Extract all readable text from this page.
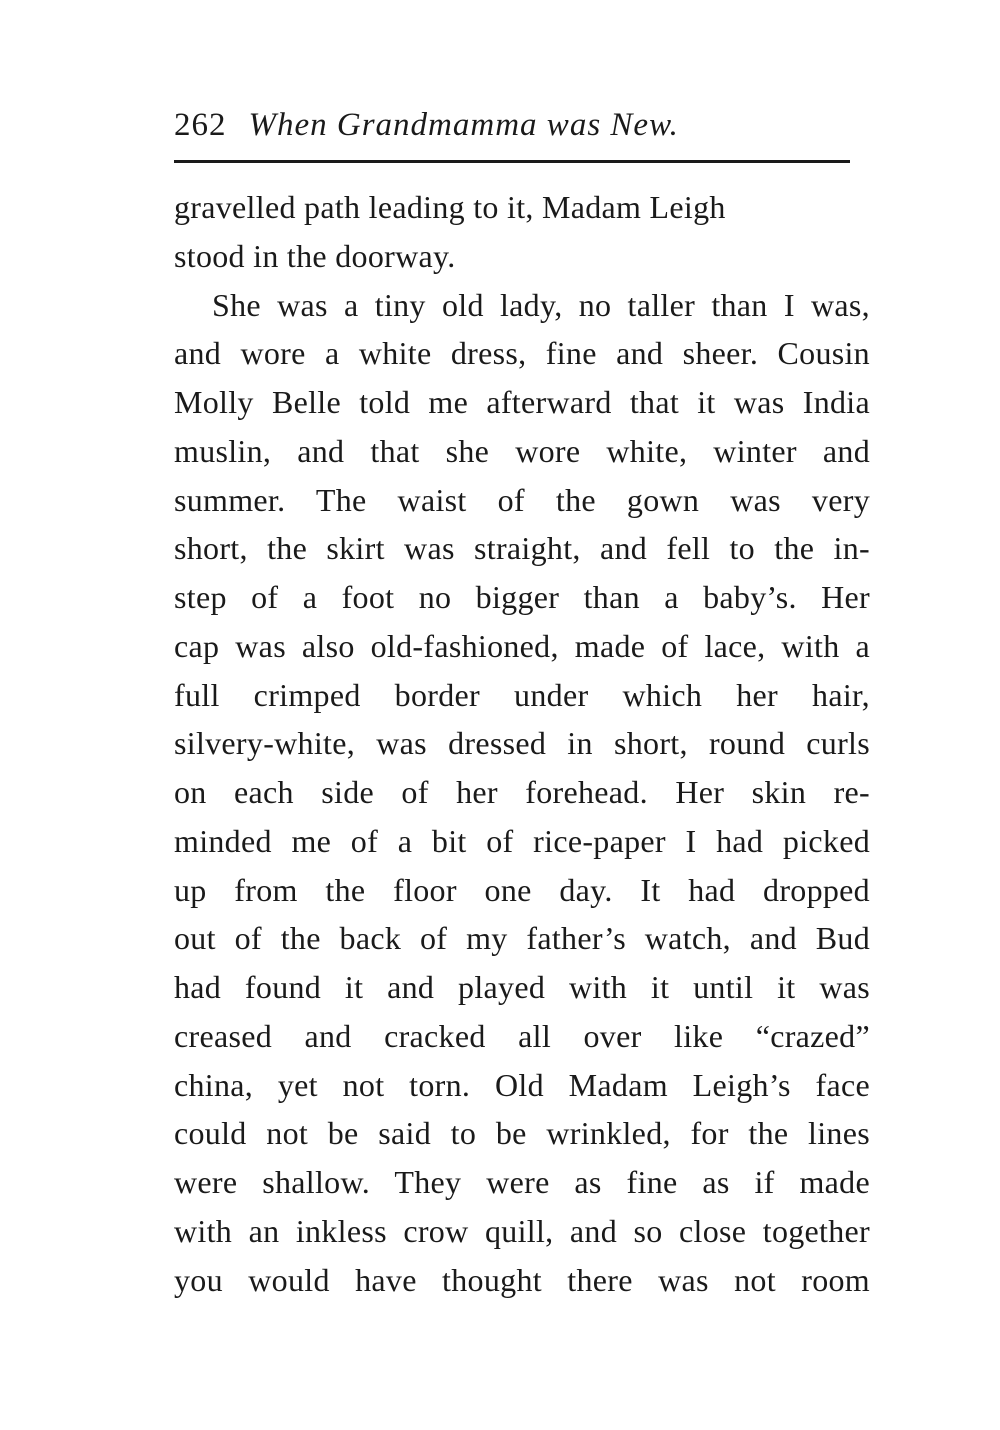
262 When Grandmamma was New.
gravelled path leading to it, Madam Leigh
stood in the doorway.
She was a tiny old lady, no taller than I was,
and wore a white dress, fine and sheer. Cousin
Molly Belle told me afterward that it was India
muslin, and that she wore white, winter and
summer. The waist of the gown was very
short, the skirt was straight, and fell to the in-
step of a foot no bigger than a baby’s. Her
cap was also old-fashioned, made of lace, with a
full crimped border under which her hair,
silvery-white, was dressed in short, round curls
on each side of her forehead. Her skin re-
minded me of a bit of rice-paper I had picked
up from the floor one day. It had dropped
out of the back of my father’s watch, and Bud
had found it and played with it until it was
creased and cracked all over like “crazed”
china, yet not torn. Old Madam Leigh’s face
could not be said to be wrinkled, for the lines
were shallow. They were as fine as if made
with an inkless crow quill, and so close together
you would have thought there was not room
